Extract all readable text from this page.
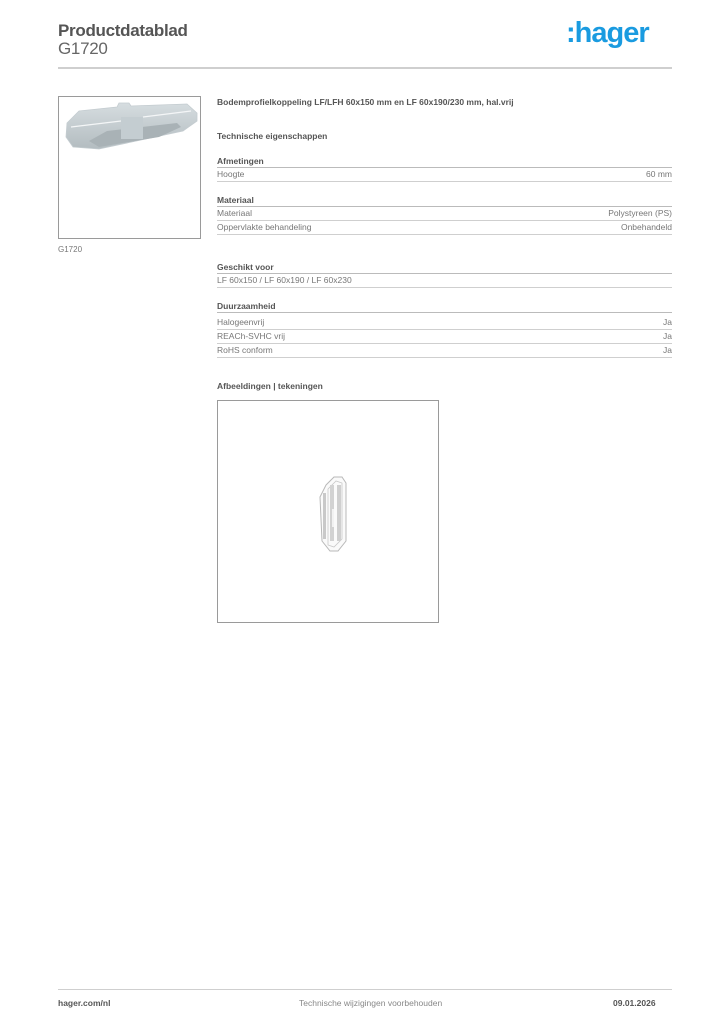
Productdatablad
G1720	:hager
G1720
Bodemprofielkoppeling LF/LFH 60x150 mm en LF 60x190/230 mm, hal.vrij
Technische eigenschappen
Afmetingen
Hoogte	60 mm
Materiaal
Materiaal	Polystyreen (PS)
Oppervlakte behandeling	Onbehandeld
Geschikt voor
LF 60x150 / LF 60x190 / LF 60x230
Duurzaamheid
Halogeenvrij	Ja
REACh-SVHC vrij	Ja
RoHS conform	Ja
Afbeeldingen | tekeningen
hager.com/nl	Technische wijzigingen voorbehouden	09.01.2026
